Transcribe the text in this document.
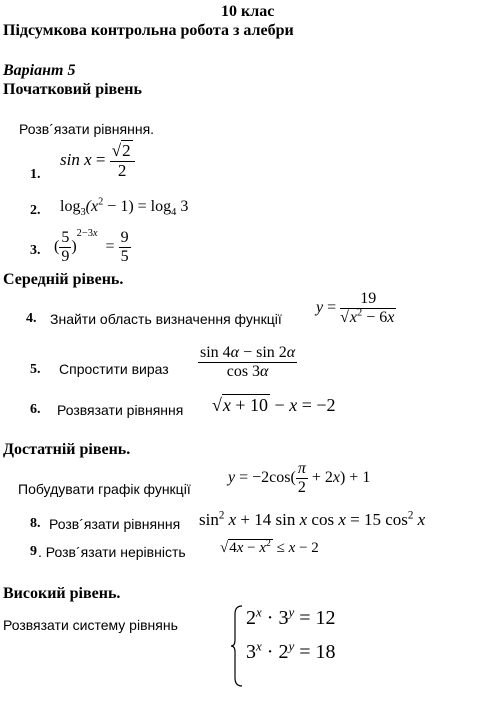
10 клас
Підсумкова контрольна робота з алебри
Варіант 5
Початковий рівень
Розв´язати рівняння.
1.
$\sin x = \frac{√2}{2}$
2. $\log_3(x^2 - 1) = \log_4 3$
3. ( $\frac{5}{9} )^{2-3x} = \frac{9}{5}$
Середній рівень.
4. Знайти область визначення функції
$y = \frac{19}{√x^2 - 6x}$
5. Спростити вираз $\frac{\sin 4\alpha - \sin 2\alpha}{\cos 3\alpha}$
6. Розвязати рівняння √x + 10 − x = −2
Достатній рівень.
Побудувати графік функції
$y = -2\cos( \frac{\pi}{2} + 2x) + 1$
8. Розв´язати рівняння $\sin^2 x + 14$ sin x cos x = 15 $\cos^2 x$
9 . Розв´язати нерівність $√4x - x^2 \le x - 2$
Високий рівень.
Розвязати систему рівнянь	$2^x \cdot 3^y = 12$
$3^x \cdot 2^y = 18$
